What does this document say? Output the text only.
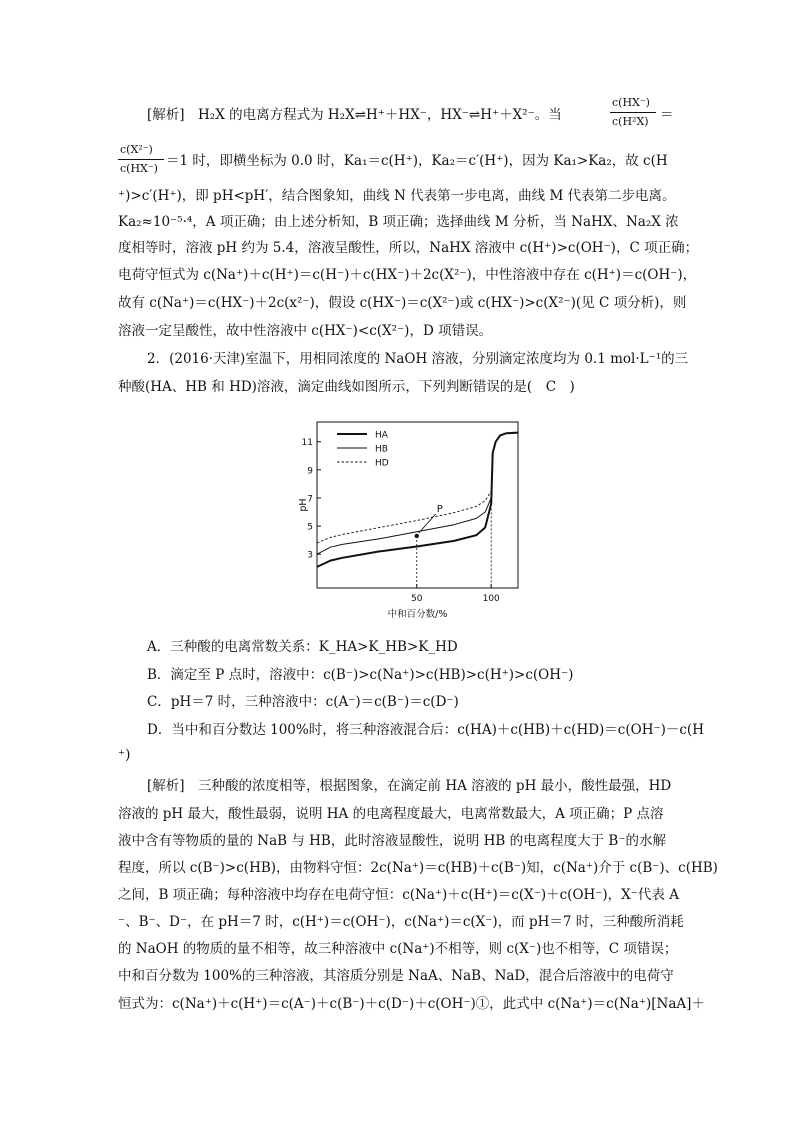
[解析]　H₂X 的电离方程式为 H₂X⇌H⁺＋HX⁻，HX⁻⇌H⁺＋X²⁻。当
c(HX⁻)
c(H²X) ＝
c(X²⁻)
c(HX⁻) ＝1 时，即横坐标为 0.0 时，Ka₁＝c(H⁺)，Ka₂＝c′(H⁺)，因为 Ka₁>Ka₂，故 c(H
⁺)>c′(H⁺)，即 pH<pH′，结合图象知，曲线 N 代表第一步电离，曲线 M 代表第二步电离。
Ka₂≈10⁻⁵·⁴，A 项正确；由上述分析知，B 项正确；选择曲线 M 分析，当 NaHX、Na₂X 浓
度相等时，溶液 pH 约为 5.4，溶液呈酸性，所以，NaHX 溶液中 c(H⁺)>c(OH⁻)，C 项正确；
电荷守恒式为 c(Na⁺)＋c(H⁺)＝c(H⁻)＋c(HX⁻)＋2c(X²⁻)，中性溶液中存在 c(H⁺)＝c(OH⁻)，
故有 c(Na⁺)＝c(HX⁻)＋2c(x²⁻)，假设 c(HX⁻)＝c(X²⁻)或 c(HX⁻)>c(X²⁻)(见 C 项分析)，则
溶液一定呈酸性，故中性溶液中 c(HX⁻)<c(X²⁻)，D 项错误。
2．(2016·天津)室温下，用相同浓度的 NaOH 溶液，分别滴定浓度均为 0.1 mol·L⁻¹的三
种酸(HA、HB 和 HD)溶液，滴定曲线如图所示，下列判断错误的是(　C　)
3
5
7
9
11
50	100
中和百分数/%
pH	P
HA
HB
HD
A．三种酸的电离常数关系：K_HA>K_HB>K_HD
B．滴定至 P 点时，溶液中：c(B⁻)>c(Na⁺)>c(HB)>c(H⁺)>c(OH⁻)
C．pH＝7 时，三种溶液中：c(A⁻)＝c(B⁻)＝c(D⁻)
D．当中和百分数达 100%时，将三种溶液混合后：c(HA)＋c(HB)＋c(HD)＝c(OH⁻)－c(H
⁺)
[解析]　三种酸的浓度相等，根据图象，在滴定前 HA 溶液的 pH 最小，酸性最强，HD
溶液的 pH 最大，酸性最弱，说明 HA 的电离程度最大，电离常数最大，A 项正确；P 点溶
液中含有等物质的量的 NaB 与 HB，此时溶液显酸性，说明 HB 的电离程度大于 B⁻的水解
程度，所以 c(B⁻)>c(HB)，由物料守恒：2c(Na⁺)＝c(HB)＋c(B⁻)知，c(Na⁺)介于 c(B⁻)、c(HB)
之间，B 项正确；每种溶液中均存在电荷守恒：c(Na⁺)＋c(H⁺)＝c(X⁻)＋c(OH⁻)，X⁻代表 A
⁻、B⁻、D⁻，在 pH＝7 时，c(H⁺)＝c(OH⁻)，c(Na⁺)＝c(X⁻)，而 pH＝7 时，三种酸所消耗
的 NaOH 的物质的量不相等，故三种溶液中 c(Na⁺)不相等，则 c(X⁻)也不相等，C 项错误；
中和百分数为 100%的三种溶液，其溶质分别是 NaA、NaB、NaD，混合后溶液中的电荷守
恒式为：c(Na⁺)＋c(H⁺)＝c(A⁻)＋c(B⁻)＋c(D⁻)＋c(OH⁻)①，此式中 c(Na⁺)＝c(Na⁺)[NaA]＋
